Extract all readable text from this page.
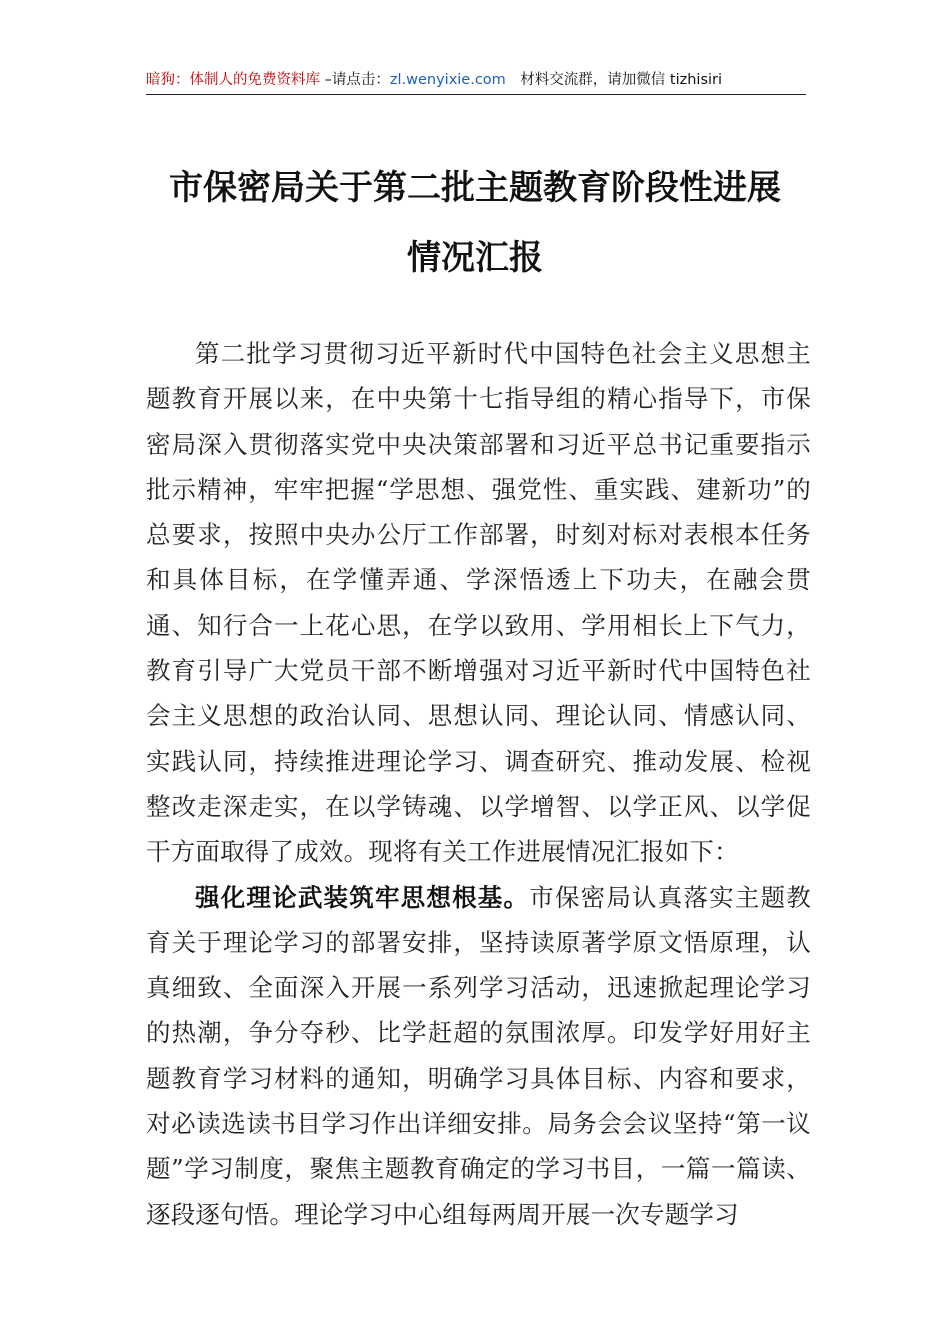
暗狗：体制人的免费资料库 –请点击：zl.wenyixie.com　材料交流群，请加微信 tizhisiri
市保密局关于第二批主题教育阶段性进展
情况汇报

第二批学习贯彻习近平新时代中国特色社会主义思想主题教育开展以来，在中央第十七指导组的精心指导下，市保密局深入贯彻落实党中央决策部署和习近平总书记重要指示批示精神，牢牢把握“学思想、强党性、重实践、建新功”的总要求，按照中央办公厅工作部署，时刻对标对表根本任务和具体目标，在学懂弄通、学深悟透上下功夫，在融会贯通、知行合一上花心思，在学以致用、学用相长上下气力，教育引导广大党员干部不断增强对习近平新时代中国特色社会主义思想的政治认同、思想认同、理论认同、情感认同、实践认同，持续推进理论学习、调查研究、推动发展、检视整改走深走实，在以学铸魂、以学增智、以学正风、以学促干方面取得了成效。现将有关工作进展情况汇报如下：

强化理论武装筑牢思想根基。市保密局认真落实主题教育关于理论学习的部署安排，坚持读原著学原文悟原理，认真细致、全面深入开展一系列学习活动，迅速掀起理论学习的热潮，争分夺秒、比学赶超的氛围浓厚。印发学好用好主题教育学习材料的通知，明确学习具体目标、内容和要求，对必读选读书目学习作出详细安排。局务会会议坚持“第一议题”学习制度，聚焦主题教育确定的学习书目，一篇一篇读、逐段逐句悟。理论学习中心组每两周开展一次专题学习
